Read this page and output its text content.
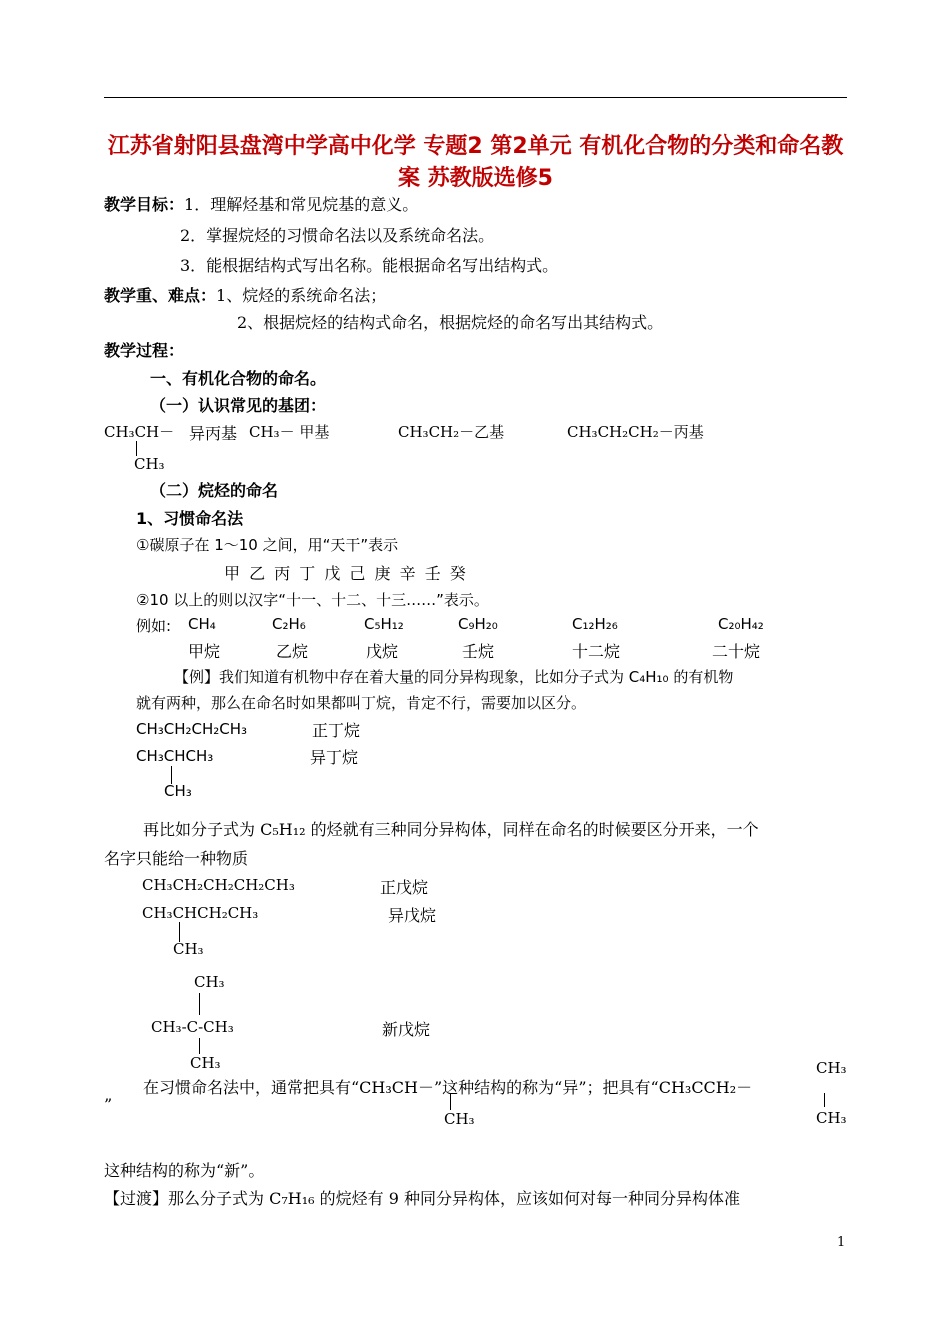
江苏省射阳县盘湾中学高中化学 专题2 第2单元 有机化合物的分类和命名教案 苏教版选修5
教学目标：1．理解烃基和常见烷基的意义。
2．掌握烷烃的习惯命名法以及系统命名法。
3．能根据结构式写出名称。能根据命名写出结构式。
教学重、难点：1、烷烃的系统命名法；
2、根据烷烃的结构式命名，根据烷烃的命名写出其结构式。
教学过程：
一、有机化合物的命名。
（一）认识常见的基团：
CH₃CH－ 异丙基 CH₃－ 甲基	CH₃CH₂－乙基	CH₃CH₂CH₂－丙基
CH₃
（二）烷烃的命名
1、习惯命名法
①碳原子在 1～10 之间，用“天干”表示
甲 乙 丙 丁 戊 己 庚 辛 壬 癸
②10 以上的则以汉字“十一、十二、十三……”表示。
例如: CH₄	C₂H₆	C₅H₁₂	C₉H₂₀	C₁₂H₂₆	C₂₀H₄₂
甲烷	乙烷	戊烷	壬烷	十二烷	二十烷
【例】我们知道有机物中存在着大量的同分异构现象，比如分子式为 C₄H₁₀ 的有机物
就有两种，那么在命名时如果都叫丁烷，肯定不行，需要加以区分。
CH₃CH₂CH₂CH₃	正丁烷
CH₃CHCH₃	异丁烷
CH₃
再比如分子式为 C₅H₁₂ 的烃就有三种同分异构体，同样在命名的时候要区分开来，一个
名字只能给一种物质
CH₃CH₂CH₂CH₂CH₃	正戊烷
CH₃CHCH₂CH₃	异戊烷
CH₃
CH₃
CH₃-C-CH₃	新戊烷
CH₃	CH₃
在习惯命名法中，通常把具有“CH₃CH－”这种结构的称为“异”；把具有“CH₃CCH₂－
”
CH₃	CH₃
这种结构的称为“新”。
【过渡】那么分子式为 C₇H₁₆ 的烷烃有 9 种同分异构体，应该如何对每一种同分异构体准
1
